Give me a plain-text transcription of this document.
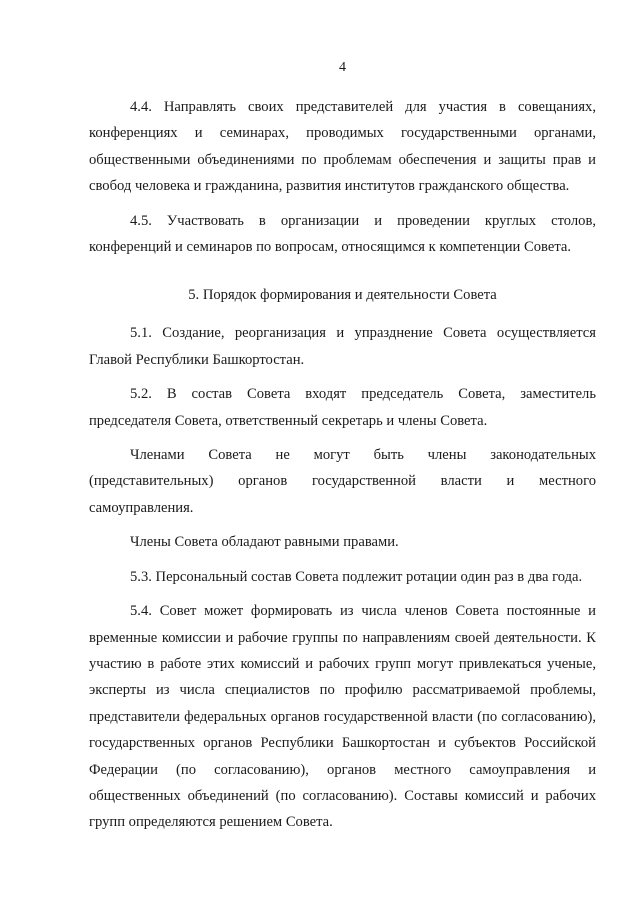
4

4.4. Направлять своих представителей для участия в совещаниях, конференциях и семинарах, проводимых государственными органами, общественными объединениями по проблемам обеспечения и защиты прав и свобод человека и гражданина, развития институтов гражданского общества.

4.5. Участвовать в организации и проведении круглых столов, конференций и семинаров по вопросам, относящимся к компетенции Совета.

5. Порядок формирования и деятельности Совета

5.1. Создание, реорганизация и упразднение Совета осуществляется Главой Республики Башкортостан.

5.2. В состав Совета входят председатель Совета, заместитель председателя Совета, ответственный секретарь и члены Совета.

Членами Совета не могут быть члены законодательных (представительных) органов государственной власти и местного самоуправления.

Члены Совета обладают равными правами.

5.3. Персональный состав Совета подлежит ротации один раз в два года.

5.4. Совет может формировать из числа членов Совета постоянные и временные комиссии и рабочие группы по направлениям своей деятельности. К участию в работе этих комиссий и рабочих групп могут привлекаться ученые, эксперты из числа специалистов по профилю рассматриваемой проблемы, представители федеральных органов государственной власти (по согласованию), государственных органов Республики Башкортостан и субъектов Российской Федерации (по согласованию), органов местного самоуправления и общественных объединений (по согласованию). Составы комиссий и рабочих групп определяются решением Совета.
